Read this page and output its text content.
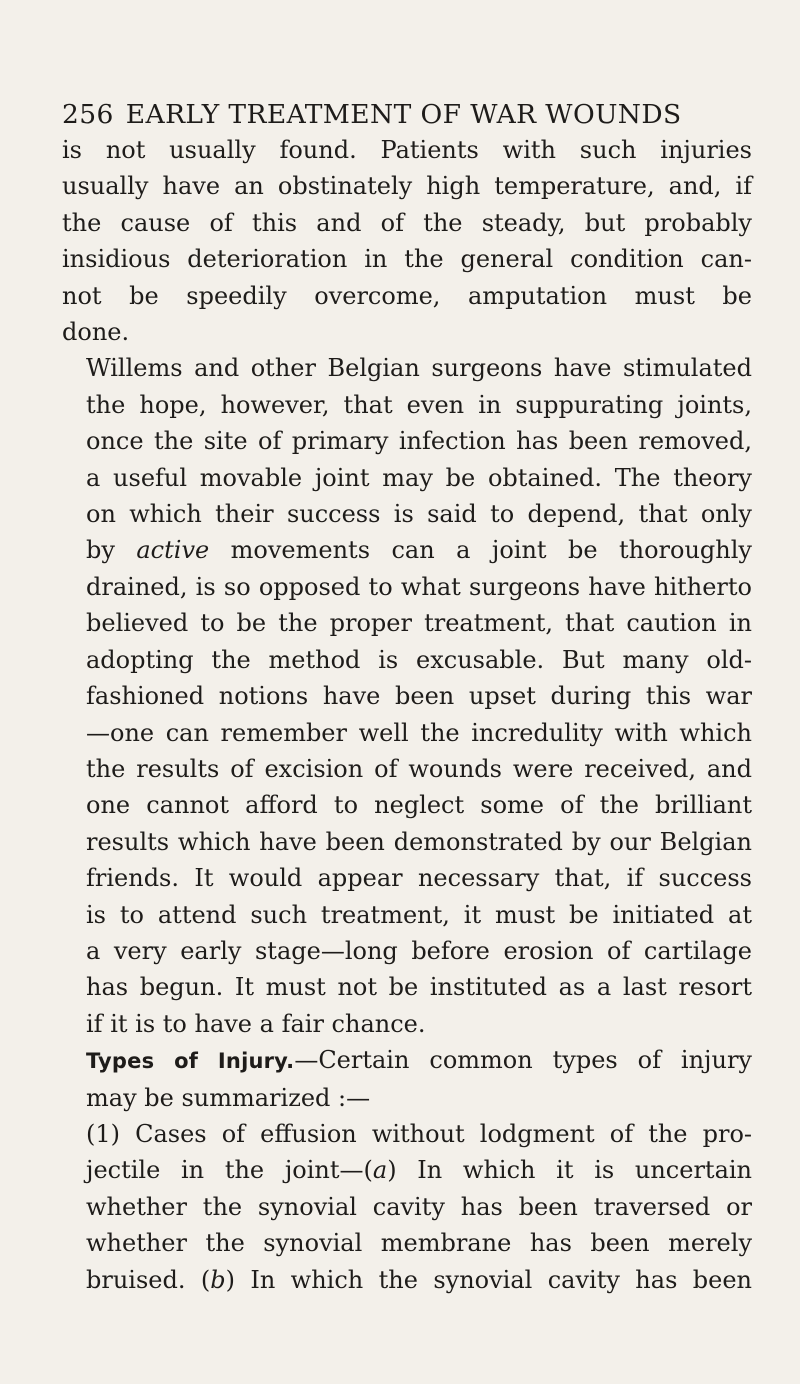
256 EARLY TREATMENT OF WAR WOUNDS

is not usually found. Patients with such injuries
usually have an obstinately high temperature, and, if
the cause of this and of the steady, but probably
insidious deterioration in the general condition can-
not be speedily overcome, amputation must be
done.

Willems and other Belgian surgeons have stimulated
the hope, however, that even in suppurating joints,
once the site of primary infection has been removed,
a useful movable joint may be obtained. The theory
on which their success is said to depend, that only
by active movements can a joint be thoroughly
drained, is so opposed to what surgeons have hitherto
believed to be the proper treatment, that caution in
adopting the method is excusable. But many old-
fashioned notions have been upset during this war
—one can remember well the incredulity with which
the results of excision of wounds were received, and
one cannot afford to neglect some of the brilliant
results which have been demonstrated by our Belgian
friends. It would appear necessary that, if success
is to attend such treatment, it must be initiated at
a very early stage—long before erosion of cartilage
has begun. It must not be instituted as a last resort
if it is to have a fair chance.

Types of Injury.—Certain common types of injury
may be summarized :—

(1) Cases of effusion without lodgment of the pro-
jectile in the joint—(a) In which it is uncertain
whether the synovial cavity has been traversed or
whether the synovial membrane has been merely
bruised. (b) In which the synovial cavity has been
